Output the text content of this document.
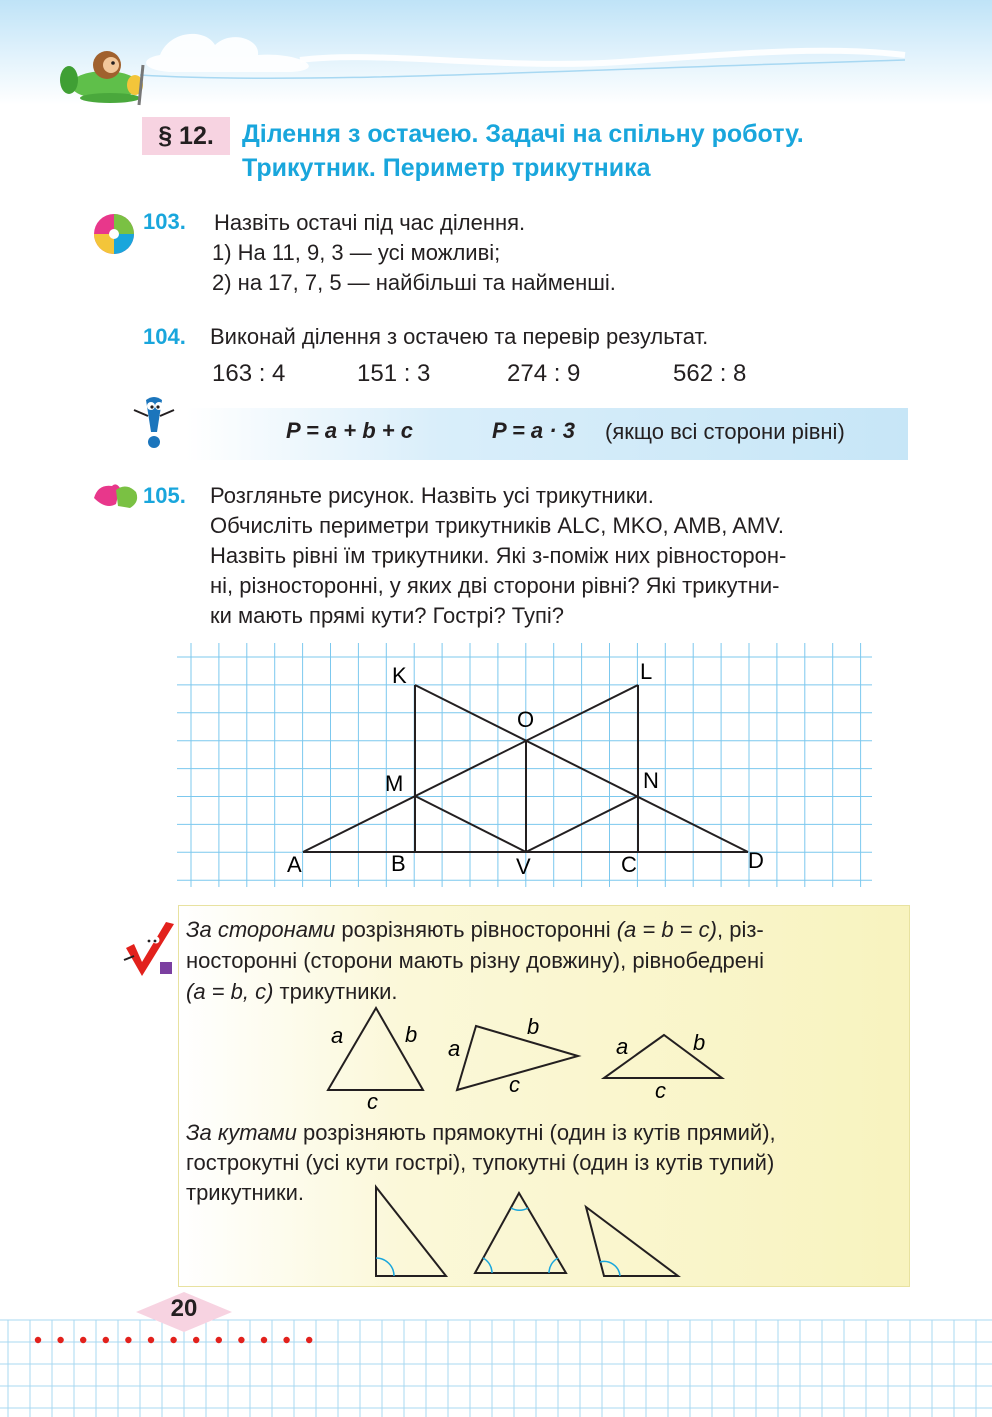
§ 12.	Ділення з остачею. Задачі на спільну роботу.
Трикутник. Периметр трикутника
103. Назвіть остачі під час ділення.
1) На 11, 9, 3 — усі можливі;
2) на 17, 7, 5 — найбільші та найменші.
104. Виконай ділення з остачею та перевір результат.
163 : 4	151 : 3	274 : 9	562 : 8
P = a + b + c	P = a · 3 (якщо всі сторони рівні)
105. Розгляньте рисунок. Назвіть усі трикутники.
Обчисліть периметри трикутників ALC, MKO, AMB, AMV.
Назвіть рівні їм трикутники. Які з-поміж них рівносторон-
ні, різносторонні, у яких дві сторони рівні? Які трикутни-
ки мають прямі кути? Гострі? Тупі?
K	L
O
M	N
A	B	V	C	D
За сторонами розрізняють рівносторонні (a = b = c), різ-
носторонні (сторони мають різну довжину), рівнобедрені
(a = b, c) трикутники.
a	b
c
a
b
c
a	b
c
За кутами розрізняють прямокутні (один із кутів прямий),
гострокутні (усі кути гострі), тупокутні (один із кутів тупий)
трикутники.
20
